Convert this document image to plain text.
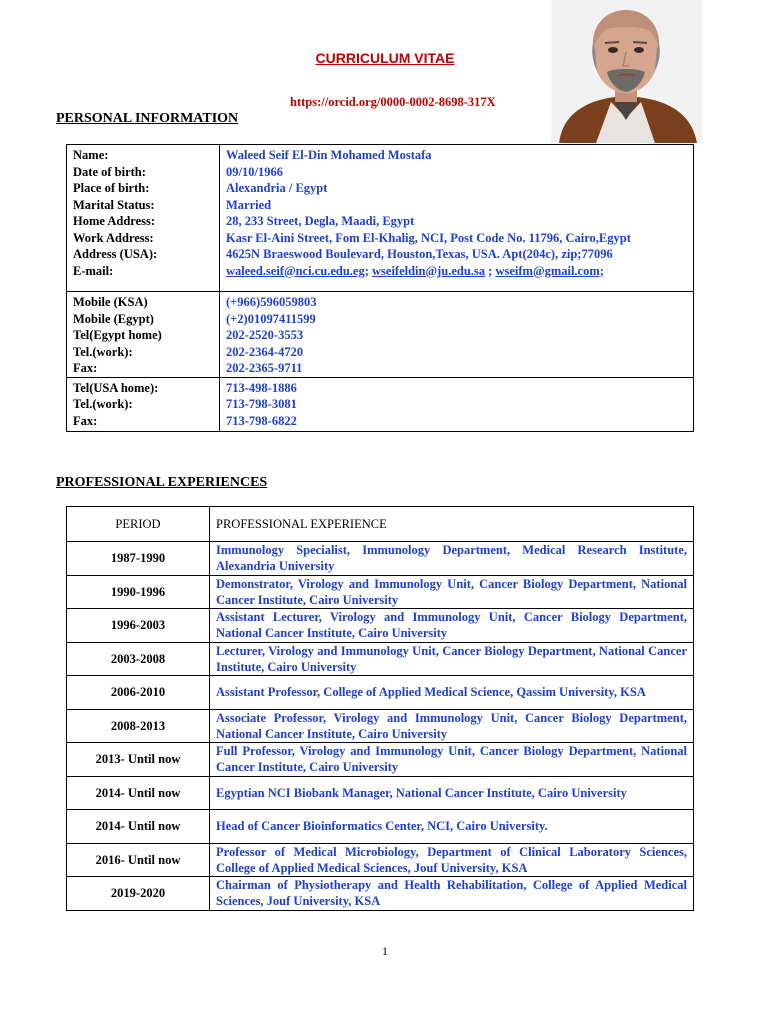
CURRICULUM VITAE
https://orcid.org/0000-0002-8698-317X
PERSONAL INFORMATION
Name:	Waleed Seif El-Din Mohamed Mostafa
Date of birth:	09/10/1966
Place of birth:	Alexandria / Egypt
Marital Status:	Married
Home Address:	28, 233 Street, Degla, Maadi, Egypt
Work Address:	Kasr El-Aini Street, Fom El-Khalig, NCI, Post Code No. 11796, Cairo,Egypt
Address (USA):	4625N Braeswood Boulevard, Houston,Texas, USA. Apt(204c), zip;77096
E-mail:	waleed.seif@nci.cu.edu.eg; wseifeldin@ju.edu.sa ; wseifm@gmail.com;

Mobile (KSA)	(+966)596059803
Mobile (Egypt)	(+2)01097411599
Tel(Egypt home)	202-2520-3553
Tel.(work):	202-2364-4720
Fax:	202-2365-9711
Tel(USA home):	713-498-1886
Tel.(work):	713-798-3081
Fax:	713-798-6822
PROFESSIONAL EXPERIENCES
PERIOD	PROFESSIONAL EXPERIENCE
1987-1990	Immunology Specialist, Immunology Department, Medical Research Institute, Alexandria University
1990-1996	Demonstrator, Virology and Immunology Unit, Cancer Biology Department, National Cancer Institute, Cairo University
1996-2003	Assistant Lecturer, Virology and Immunology Unit, Cancer Biology Department, National Cancer Institute, Cairo University
2003-2008	Lecturer, Virology and Immunology Unit, Cancer Biology Department, National Cancer Institute, Cairo University
2006-2010	Assistant Professor, College of Applied Medical Science, Qassim University, KSA
2008-2013	Associate Professor, Virology and Immunology Unit, Cancer Biology Department, National Cancer Institute, Cairo University
2013- Until now	Full Professor, Virology and Immunology Unit, Cancer Biology Department, National Cancer Institute, Cairo University
2014- Until now	Egyptian NCI Biobank Manager, National Cancer Institute, Cairo University
2014- Until now	Head of Cancer Bioinformatics Center, NCI, Cairo University.
2016- Until now	Professor of Medical Microbiology, Department of Clinical Laboratory Sciences, College of Applied Medical Sciences, Jouf University, KSA
2019-2020	Chairman of Physiotherapy and Health Rehabilitation, College of Applied Medical Sciences, Jouf University, KSA
1
